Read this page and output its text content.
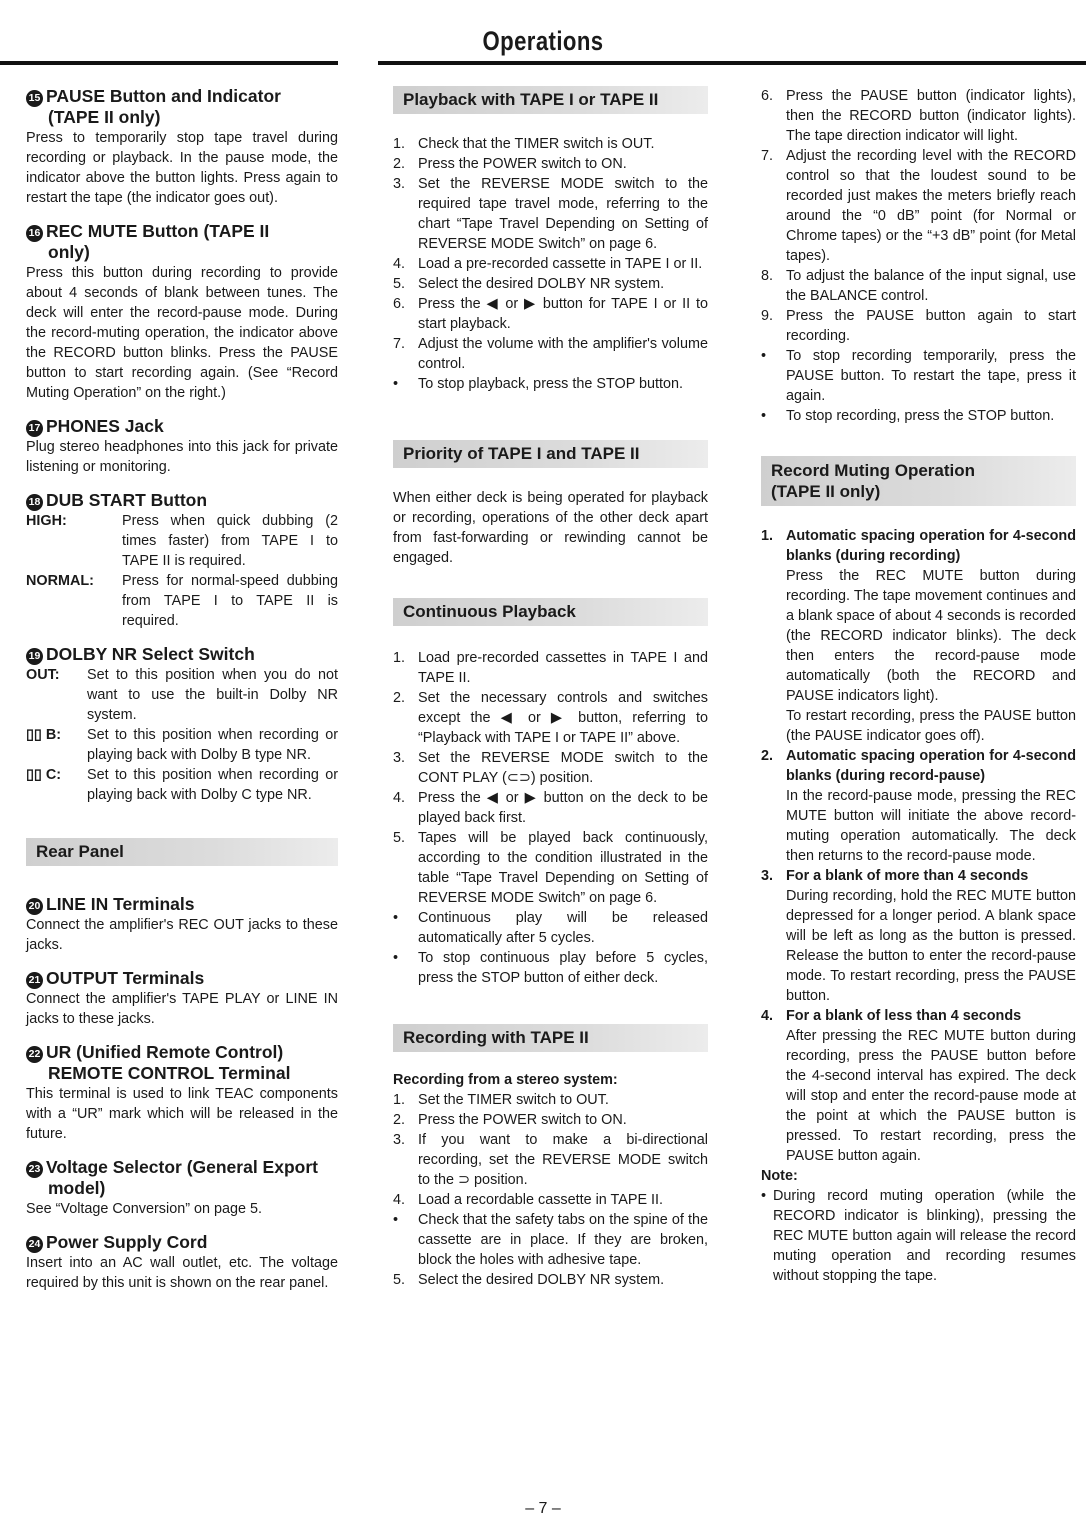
Operations
15 PAUSE Button and Indicator
(TAPE II only)

Press to temporarily stop tape travel during recording or playback. In the pause mode, the indicator above the button lights. Press again to restart the tape (the indicator goes out).

16 REC MUTE Button (TAPE II
only)

Press this button during recording to provide about 4 seconds of blank between tunes. The deck will enter the record-pause mode. During the record-muting operation, the indicator above the RECORD button blinks. Press the PAUSE button to start recording again. (See “Record Muting Operation” on the right.)

17 PHONES Jack

Plug stereo headphones into this jack for private listening or monitoring.

18 DUB START Button
HIGH:	Press when quick dubbing (2 times faster) from TAPE I to TAPE II is required.
NORMAL:	Press for normal-speed dubbing from TAPE I to TAPE II is required.
19 DOLBY NR Select Switch
OUT:	Set to this position when you do not want to use the built-in Dolby NR system.
▯▯ B:	Set to this position when recording or playing back with Dolby B type NR.
▯▯ C:	Set to this position when recording or playing back with Dolby C type NR.
Rear Panel
20 LINE IN Terminals

Connect the amplifier's REC OUT jacks to these jacks.

21 OUTPUT Terminals

Connect the amplifier's TAPE PLAY or LINE IN jacks to these jacks.

22 UR (Unified Remote Control)
REMOTE CONTROL Terminal

This terminal is used to link TEAC components with a “UR” mark which will be released in the future.

23 Voltage Selector (General Export
model)

See “Voltage Conversion” on page 5.

24 Power Supply Cord

Insert into an AC wall outlet, etc. The voltage required by this unit is shown on the rear panel.

Playback with TAPE I or TAPE II
1. Check that the TIMER switch is OUT.
2. Press the POWER switch to ON.
3. Set the REVERSE MODE switch to the required tape travel mode, referring to the chart “Tape Travel Depending on Setting of REVERSE MODE Switch” on page 6.
4. Load a pre-recorded cassette in TAPE I or II.
5. Select the desired DOLBY NR system.
6. Press the ◀ or ▶ button for TAPE I or II to start playback.
7. Adjust the volume with the amplifier's volume control.
•	To stop playback, press the STOP button.
Priority of TAPE I and TAPE II

When either deck is being operated for playback or recording, operations of the other deck apart from fast-forwarding or rewinding cannot be engaged.

Continuous Playback
1. Load pre-recorded cassettes in TAPE I and TAPE II.
2. Set the necessary controls and switches except the ◀ or ▶ button, referring to “Playback with TAPE I or TAPE II” above.
3. Set the REVERSE MODE switch to the CONT PLAY (⊂⊃) position.
4. Press the ◀ or ▶ button on the deck to be played back first.
5. Tapes will be played back continuously, according to the condition illustrated in the table “Tape Travel Depending on Setting of REVERSE MODE Switch” on page 6.
•	Continuous play will be released automatically after 5 cycles.
•	To stop continuous play before 5 cycles, press the STOP button of either deck.
Recording with TAPE II

Recording from a stereo system:

1. Set the TIMER switch to OUT.
2. Press the POWER switch to ON.
3. If you want to make a bi-directional recording, set the REVERSE MODE switch to the ⊃ position.
4. Load a recordable cassette in TAPE II.
•	Check that the safety tabs on the spine of the cassette are in place. If they are broken, block the holes with adhesive tape.
5. Select the desired DOLBY NR system.
6. Press the PAUSE button (indicator lights), then the RECORD button (indicator lights). The tape direction indicator will light.
7. Adjust the recording level with the RECORD control so that the loudest sound to be recorded just makes the meters briefly reach around the “0 dB” point (for Normal or Chrome tapes) or the “+3 dB” point (for Metal tapes).
8. To adjust the balance of the input signal, use the BALANCE control.
9. Press the PAUSE button again to start recording.
•	To stop recording temporarily, press the PAUSE button. To restart the tape, press it again.
•	To stop recording, press the STOP button.
Record Muting Operation
(TAPE II only)
1. Automatic spacing operation for 4-second blanks (during recording)
Press the REC MUTE button during recording. The tape movement continues and a blank space of about 4 seconds is recorded (the RECORD indicator blinks). The deck then enters the record-pause mode automatically (both the RECORD and PAUSE indicators light).
To restart recording, press the PAUSE button (the PAUSE indicator goes off).
2. Automatic spacing operation for 4-second blanks (during record-pause)
In the record-pause mode, pressing the REC MUTE button will initiate the above record-muting operation automatically. The deck then returns to the record-pause mode.
3. For a blank of more than 4 seconds
During recording, hold the REC MUTE button depressed for a longer period. A blank space will be left as long as the button is pressed. Release the button to enter the record-pause mode. To restart recording, press the PAUSE button.
4. For a blank of less than 4 seconds
After pressing the REC MUTE button during recording, press the PAUSE button before the 4-second interval has expired. The deck will stop and enter the record-pause mode at the point at which the PAUSE button is pressed. To restart recording, press the PAUSE button again.

Note:

• During record muting operation (while the RECORD indicator is blinking), pressing the REC MUTE button again will release the record muting operation and recording resumes without stopping the tape.
– 7 –
